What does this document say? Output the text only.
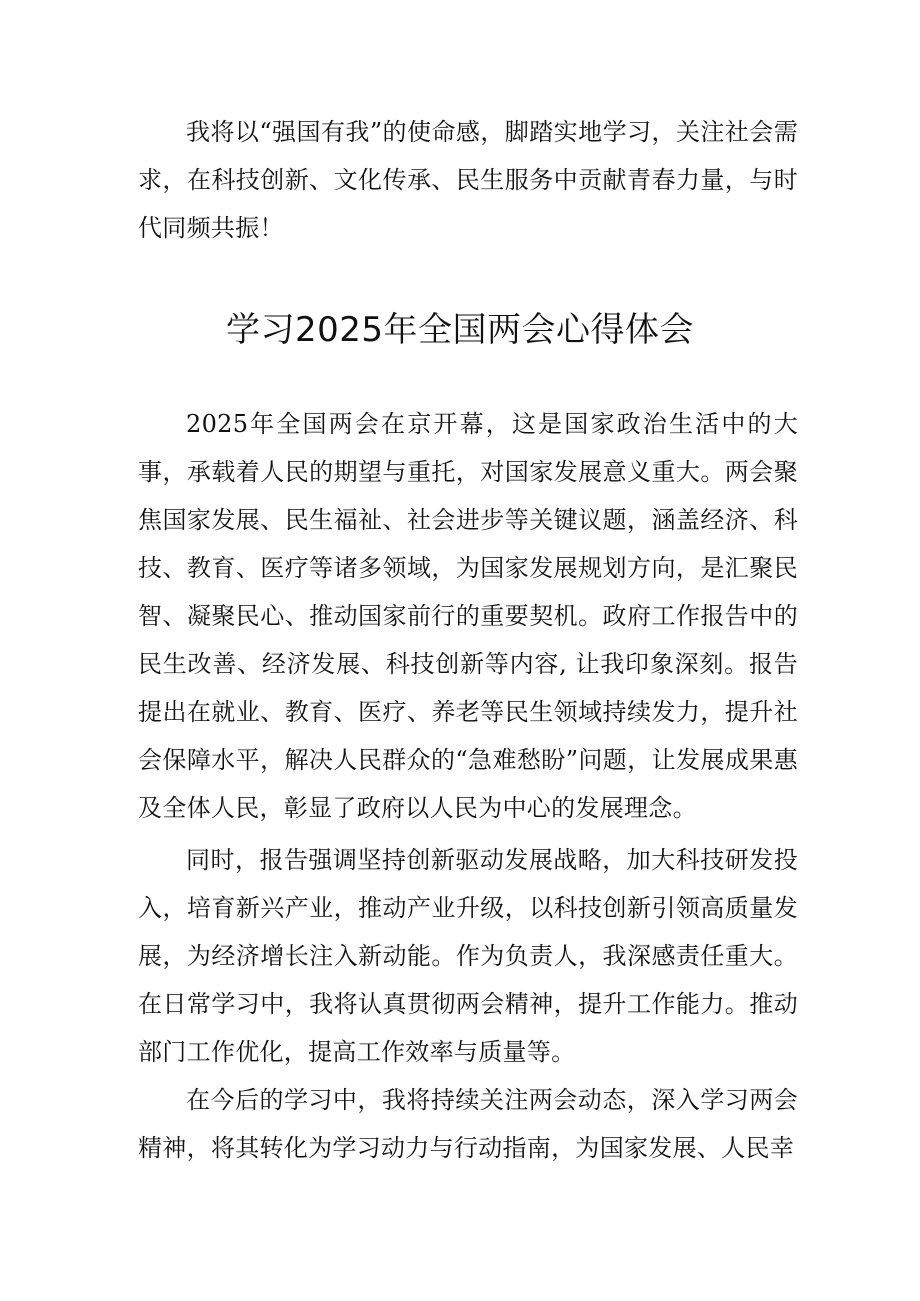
我将以“强国有我”的使命感，脚踏实地学习，关注社会需求，在科技创新、文化传承、民生服务中贡献青春力量，与时代同频共振！

学习2025年全国两会心得体会

2025年全国两会在京开幕，这是国家政治生活中的大事，承载着人民的期望与重托，对国家发展意义重大。两会聚焦国家发展、民生福祉、社会进步等关键议题，涵盖经济、科技、教育、医疗等诸多领域，为国家发展规划方向，是汇聚民智、凝聚民心、推动国家前行的重要契机。政府工作报告中的民生改善、经济发展、科技创新等内容, 让我印象深刻。报告提出在就业、教育、医疗、养老等民生领域持续发力，提升社会保障水平，解决人民群众的“急难愁盼”问题，让发展成果惠及全体人民，彰显了政府以人民为中心的发展理念。

同时，报告强调坚持创新驱动发展战略，加大科技研发投入，培育新兴产业，推动产业升级，以科技创新引领高质量发展，为经济增长注入新动能。作为负责人，我深感责任重大。在日常学习中，我将认真贯彻两会精神，提升工作能力。推动部门工作优化，提高工作效率与质量等。

在今后的学习中，我将持续关注两会动态，深入学习两会精神，将其转化为学习动力与行动指南，为国家发展、人民幸
